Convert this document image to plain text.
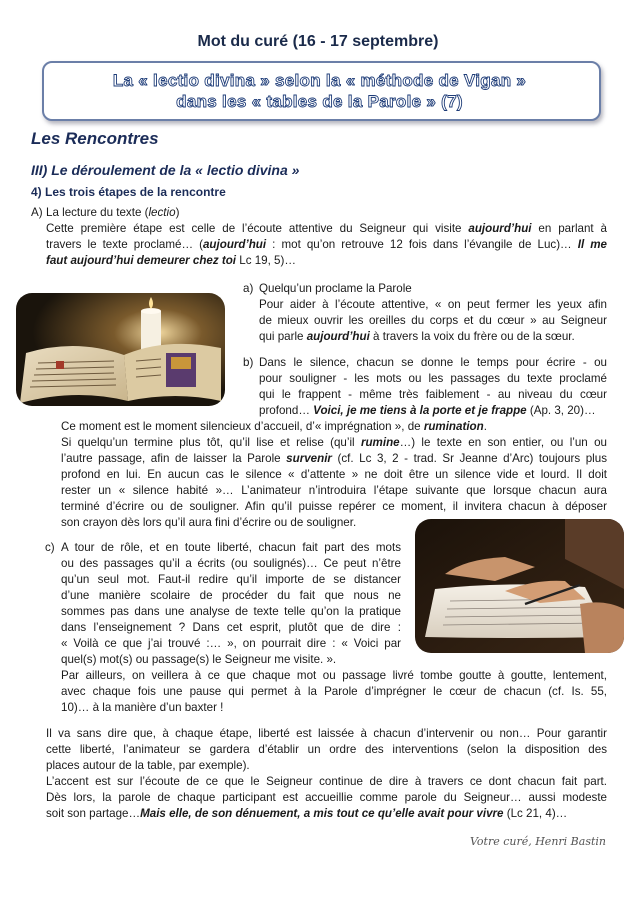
Mot du curé (16 - 17 septembre)
La « lectio divina » selon la « méthode de Vigan »
dans les « tables de la Parole » (7)
Les Rencontres
III) Le déroulement de la « lectio divina »
4) Les trois étapes de la rencontre
A) La lecture du texte (lectio)
Cette première étape est celle de l’écoute attentive du Seigneur qui visite aujourd’hui en parlant à
travers le texte proclamé… (aujourd’hui : mot qu’on retrouve 12 fois dans l’évangile de Luc)… Il me
faut aujourd’hui demeurer chez toi Lc 19, 5)…
a) Quelqu’un proclame la Parole
Pour aider à l’écoute attentive, « on peut fermer les yeux afin
de mieux ouvrir les oreilles du corps et du cœur » au Seigneur
qui parle aujourd’hui à travers la voix du frère ou de la sœur.
b) Dans le silence, chacun se donne le temps pour écrire - ou
pour souligner - les mots ou les passages du texte proclamé
qui le frappent - même très faiblement - au niveau du cœur
profond… Voici, je me tiens à la porte et je frappe (Ap. 3, 20)…
Ce moment est le moment silencieux d’accueil, d’« imprégnation », de rumination.
Si quelqu’un termine plus tôt, qu’il lise et relise (qu’il rumine…) le texte en son entier, ou l’un ou
l’autre passage, afin de laisser la Parole survenir (cf. Lc 3, 2 - trad. Sr Jeanne d’Arc) toujours plus
profond en lui. En aucun cas le silence « d’attente » ne doit être un silence vide et lourd. Il doit
rester un « silence habité »… L’animateur n’introduira l’étape suivante que lorsque chacun aura
terminé d’écrire ou de souligner. Afin qu’il puisse repérer ce moment, il invitera chacun à déposer
son crayon dès lors qu’il aura fini d’écrire ou de souligner.
c) A tour de rôle, et en toute liberté, chacun fait part des mots
ou des passages qu’il a écrits (ou soulignés)… Ce peut n’être
qu’un seul mot. Faut-il redire qu’il importe de se distancer
d’une manière scolaire de procéder du fait que nous ne
sommes pas dans une analyse de texte telle qu’on la pratique
dans l’enseignement ? Dans cet esprit, plutôt que de dire :
« Voilà ce que j’ai trouvé :… », on pourrait dire : « Voici par
quel(s) mot(s) ou passage(s) le Seigneur me visite. ».
Par ailleurs, on veillera à ce que chaque mot ou passage livré tombe goutte à goutte, lentement,
avec chaque fois une pause qui permet à la Parole d’imprégner le cœur de chacun (cf. Is. 55,
10)… à la manière d’un baxter !
Il va sans dire que, à chaque étape, liberté est laissée à chacun d’intervenir ou non… Pour garantir
cette liberté, l’animateur se gardera d’établir un ordre des interventions (selon la disposition des
places autour de la table, par exemple).
L’accent est sur l’écoute de ce que le Seigneur continue de dire à travers ce dont chacun fait part.
Dès lors, la parole de chaque participant est accueillie comme parole du Seigneur… aussi modeste
soit son partage…Mais elle, de son dénuement, a mis tout ce qu’elle avait pour vivre (Lc 21, 4)…
Votre curé, Henri Bastin
